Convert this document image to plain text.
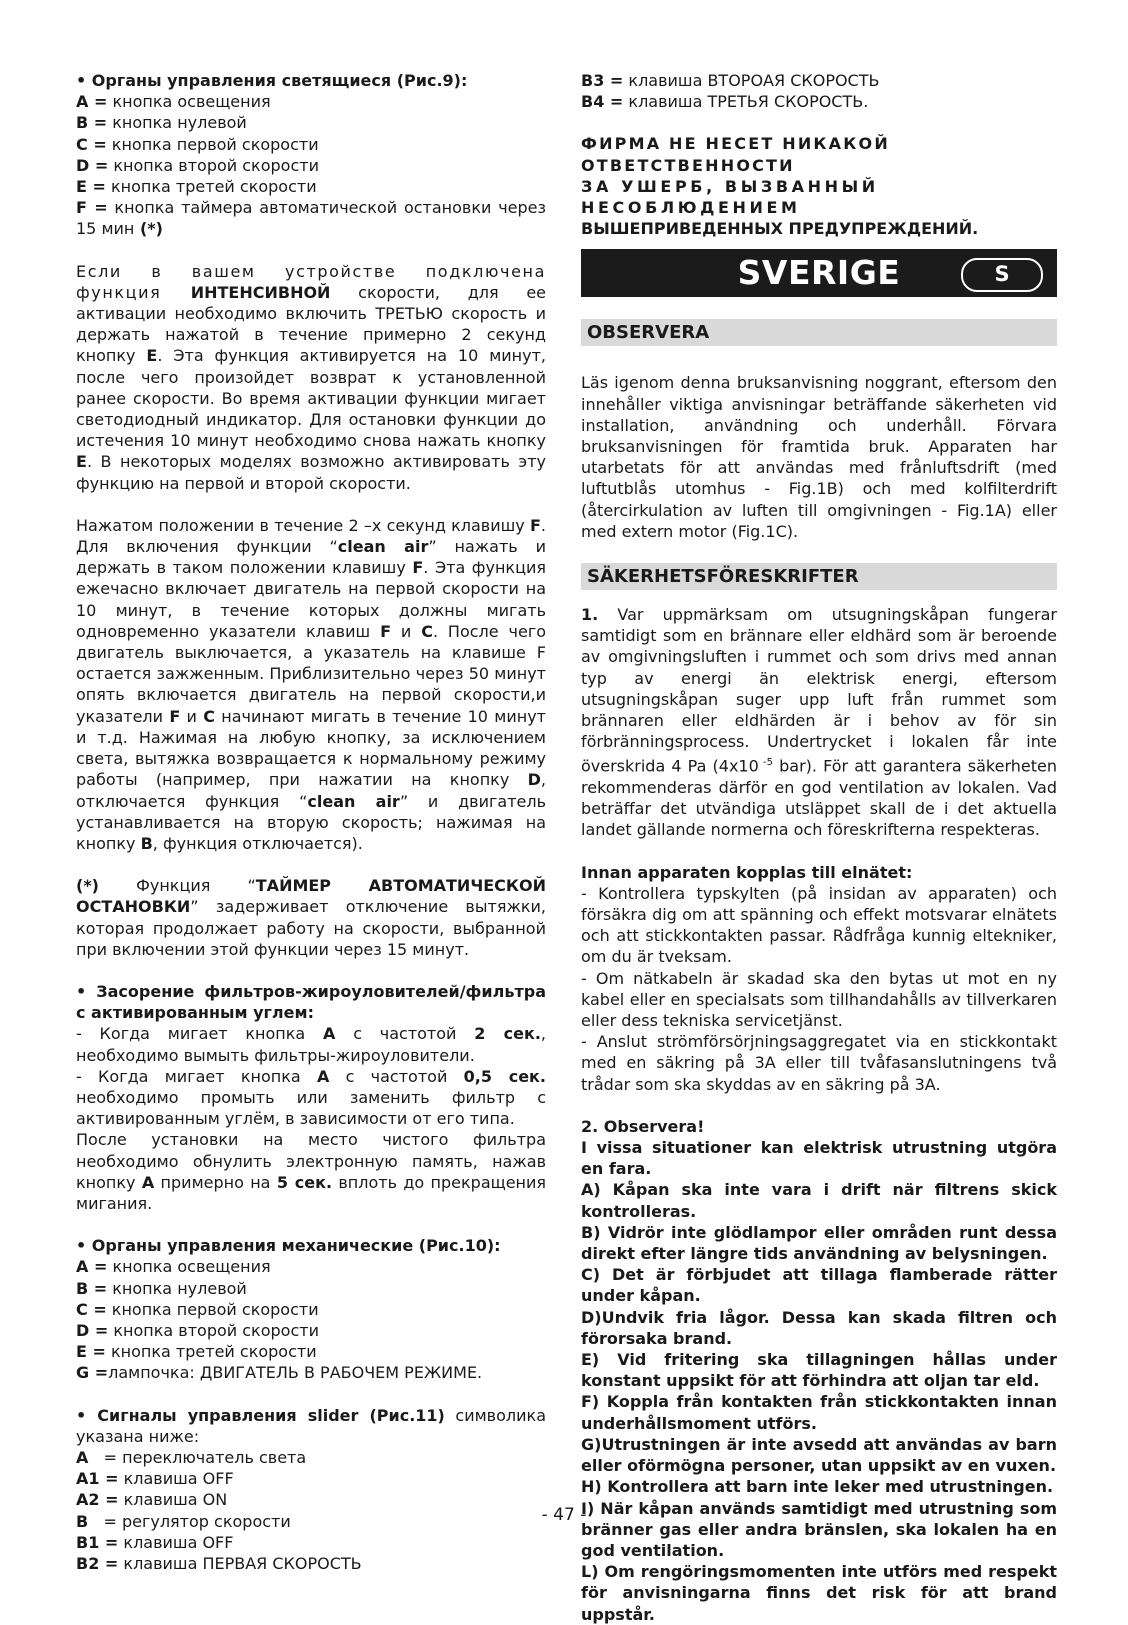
• Органы управления светящиеся (Рис.9):

A = кнопка освещения

B = кнопка нулевой

C = кнопка первой скорости

D = кнопка второй скорости

E = кнопка третей скорости

F = кнопка таймера автоматической остановки через 15 мин (*)

Если в вашем устройстве подключена функция ИНТЕНСИВНОЙ скорости, для ее активации необходимо включить ТРЕТЬЮ скорость и держать нажатой в течение примерно 2 секунд кнопку E. Эта функция активируется на 10 минут, после чего произойдет возврат к установленной ранее скорости. Во время активации функции мигает светодиодный индикатор. Для остановки функции до истечения 10 минут необходимо снова нажать кнопку E. В некоторых моделях возможно активировать эту функцию на первой и второй скорости.

Нажатом положении в течение 2 –х секунд клавишу F. Для включения функции “clean air” нажать и держать в таком положении клавишу F. Эта функция ежечасно включает двигатель на первой скорости на 10 минут, в течение которых должны мигать одновременно указатели клавиш F и C. После чего двигатель выключается, а указатель на клавише F остается зажженным. Приблизительно через 50 минут опять включается двигатель на первой скорости,и указатели F и C начинают мигать в течение 10 минут и т.д. Нажимая на любую кнопку, за исключением света, вытяжка возвращается к нормальному режиму работы (например, при нажатии на кнопку D, отключается функция “clean air” и двигатель устанавливается на вторую скорость; нажимая на кнопку B, функция отключается).

(*) Функция “ТАЙМЕР АВТОМАТИЧЕСКОЙ ОСТАНОВКИ” задерживает отключение вытяжки, которая продолжает работу на скорости, выбранной при включении этой функции через 15 минут.

• Засорение фильтров-жироуловителей/фильтра с активированным углем:

- Когда мигает кнопка A с частотой 2 сек., необходимо вымыть фильтры-жироуловители.

- Когда мигает кнопка A с частотой 0,5 сек. необходимо промыть или заменить фильтр с активированным углём, в зависимости от его типа.

После установки на место чистого фильтра необходимо обнулить электронную память, нажав кнопку A примерно на 5 сек. вплоть до прекращения мигания.

• Органы управления механические (Рис.10):

A = кнопка освещения

B = кнопка нулевой

C = кнопка первой скорости

D = кнопка второй скорости

E = кнопка третей скорости

G =лампочка: ДВИГАТЕЛЬ В РАБОЧЕМ РЕЖИМЕ.

• Сигналы управления slider (Рис.11) символика указана ниже:

A   = переключатель света

A1 = клавиша OFF

A2 = клавиша ON

B   = регулятор скорости

B1 = клавиша OFF

B2 = клавиша ПЕРВАЯ СКОРОСТЬ

B3 = клавиша ВТОРОАЯ СКОРОСТЬ

B4 = клавиша ТРЕТЬЯ СКОРОСТЬ.

ФИРМА НЕ НЕСЕТ НИКАКОЙ ОТВЕТСТВЕННОСТИ

ЗА УШЕРБ, ВЫЗВАННЫЙ НЕСОБЛЮДЕНИЕМ

ВЫШЕПРИВЕДЕННЫХ ПРЕДУПРЕЖДЕНИЙ.

SVERIGE	S
OBSERVERA

Läs igenom denna bruksanvisning noggrant, eftersom den innehåller viktiga anvisningar beträffande säkerheten vid installation, användning och underhåll. Förvara bruksanvisningen för framtida bruk. Apparaten har utarbetats för att användas med frånluftsdrift (med luftutblås utomhus - Fig.1B) och med kolfilterdrift (återcirkulation av luften till omgivningen - Fig.1A) eller med extern motor (Fig.1C).

SÄKERHETSFÖRESKRIFTER

1. Var uppmärksam om utsugningskåpan fungerar samtidigt som en brännare eller eldhärd som är beroende av omgivningsluften i rummet och som drivs med annan typ av energi än elektrisk energi, eftersom utsugningskåpan suger upp luft från rummet som brännaren eller eldhärden är i behov av för sin förbränningsprocess. Undertrycket i lokalen får inte överskrida 4 Pa (4x10 $^{-5}$ bar). För att garantera säkerheten rekommenderas därför en god ventilation av lokalen. Vad beträffar det utvändiga utsläppet skall de i det aktuella landet gällande normerna och föreskrifterna respekteras.

Innan apparaten kopplas till elnätet:

- Kontrollera typskylten (på insidan av apparaten) och försäkra dig om att spänning och effekt motsvarar elnätets och att stickkontakten passar. Rådfråga kunnig eltekniker, om du är tveksam.

- Om nätkabeln är skadad ska den bytas ut mot en ny kabel eller en specialsats som tillhandahålls av tillverkaren eller dess tekniska servicetjänst.

- Anslut strömförsörjningsaggregatet via en stickkontakt med en säkring på 3A eller till tvåfasanslutningens två trådar som ska skyddas av en säkring på 3A.

2. Observera!

I vissa situationer kan elektrisk utrustning utgöra en fara.

A) Kåpan ska inte vara i drift när filtrens skick kontrolleras.

B) Vidrör inte glödlampor eller områden runt dessa direkt efter längre tids användning av belysningen.

C) Det är förbjudet att tillaga flamberade rätter under kåpan.

D)Undvik fria lågor. Dessa kan skada filtren och förorsaka brand.

E) Vid fritering ska tillagningen hållas under konstant uppsikt för att förhindra att oljan tar eld.

F) Koppla från kontakten från stickkontakten innan underhållsmoment utförs.

G)Utrustningen är inte avsedd att användas av barn eller oförmögna personer, utan uppsikt av en vuxen.

H) Kontrollera att barn inte leker med utrustningen.

I) När kåpan används samtidigt med utrustning som bränner gas eller andra bränslen, ska lokalen ha en god ventilation.

L) Om rengöringsmomenten inte utförs med respekt för anvisningarna finns det risk för att brand uppstår.

- 47 -
